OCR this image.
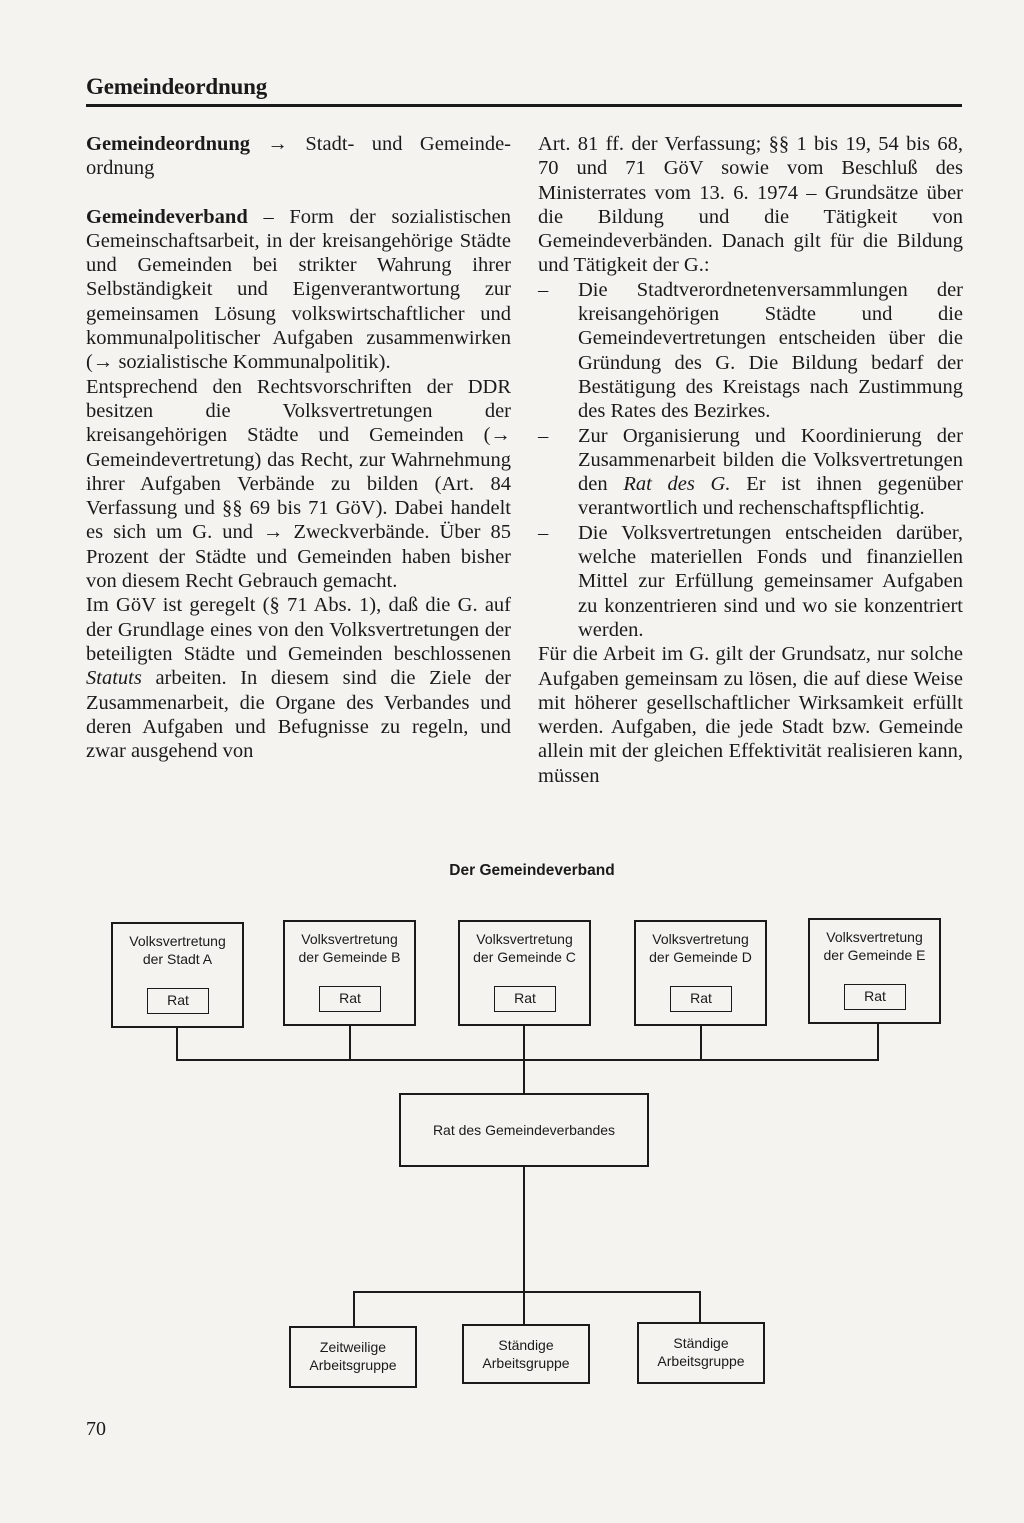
Gemeindeordnung

Gemeindeordnung → Stadt- und Gemeinde-ordnung

Gemeindeverband – Form der sozialistischen Gemeinschaftsarbeit, in der kreisangehörige Städte und Gemeinden bei strikter Wahrung ihrer Selbständigkeit und Eigenverantwortung zur gemeinsamen Lösung volkswirtschaftlicher und kommunalpolitischer Aufgaben zusammenwirken (→ sozialistische Kommunalpolitik).

Entsprechend den Rechtsvorschriften der DDR besitzen die Volksvertretungen der kreisangehörigen Städte und Gemeinden (→ Gemeindevertretung) das Recht, zur Wahrnehmung ihrer Aufgaben Verbände zu bilden (Art. 84 Verfassung und §§ 69 bis 71 GöV). Dabei handelt es sich um G. und → Zweckverbände. Über 85 Prozent der Städte und Gemeinden haben bisher von diesem Recht Gebrauch gemacht.

Im GöV ist geregelt (§ 71 Abs. 1), daß die G. auf der Grundlage eines von den Volksvertretungen der beteiligten Städte und Gemeinden beschlossenen Statuts arbeiten. In diesem sind die Ziele der Zusammenarbeit, die Organe des Verbandes und deren Aufgaben und Befugnisse zu regeln, und zwar ausgehend von

Art. 81 ff. der Verfassung; §§ 1 bis 19, 54 bis 68, 70 und 71 GöV sowie vom Beschluß des Ministerrates vom 13. 6. 1974 – Grundsätze über die Bildung und die Tätigkeit von Gemeindeverbänden. Danach gilt für die Bildung und Tätigkeit der G.:

–	Die Stadtverordnetenversammlungen der kreisangehörigen Städte und die Gemeindevertretungen entscheiden über die Gründung des G. Die Bildung bedarf der Bestätigung des Kreistags nach Zustimmung des Rates des Bezirkes.
–	Zur Organisierung und Koordinierung der Zusammenarbeit bilden die Volksvertretungen den Rat des G. Er ist ihnen gegenüber verantwortlich und rechenschaftspflichtig.
–	Die Volksvertretungen entscheiden darüber, welche materiellen Fonds und finanziellen Mittel zur Erfüllung gemeinsamer Aufgaben zu konzentrieren sind und wo sie konzentriert werden.

Für die Arbeit im G. gilt der Grundsatz, nur solche Aufgaben gemeinsam zu lösen, die auf diese Weise mit höherer gesellschaftlicher Wirksamkeit erfüllt werden. Aufgaben, die jede Stadt bzw. Gemeinde allein mit der gleichen Effektivität realisieren kann, müssen

Der Gemeindeverband
Volksvertretung
der Stadt A
Rat
Volksvertretung
der Gemeinde B
Rat
Volksvertretung
der Gemeinde C
Rat
Volksvertretung
der Gemeinde D
Rat
Volksvertretung
der Gemeinde E
Rat
Rat des Gemeindeverbandes
Zeitweilige
Arbeitsgruppe
Ständige
Arbeitsgruppe
Ständige
Arbeitsgruppe
70
